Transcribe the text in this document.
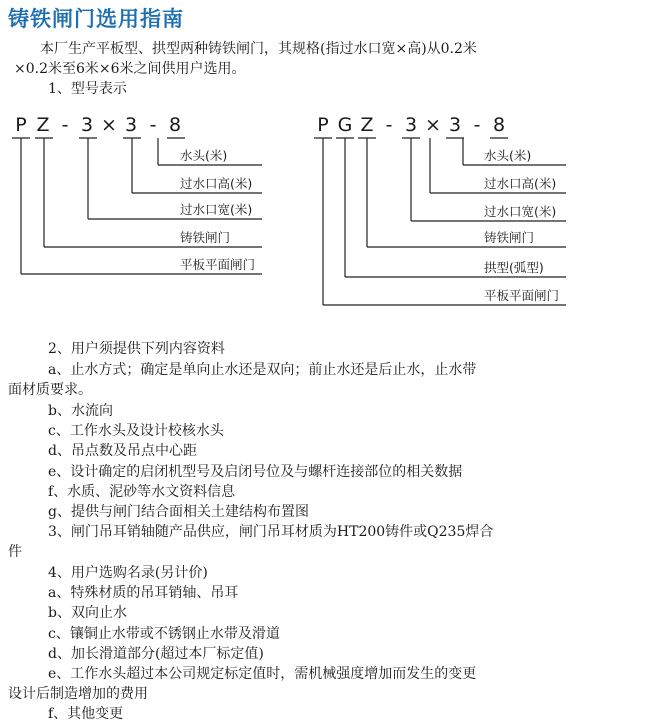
铸铁闸门选用指南
本厂生产平板型、拱型两种铸铁闸门，其规格(指过水口宽×高)从0.2米
×0.2米至6米×6米之间供用户选用。
1、型号表示
P Z - 3 × 3 - 8	P G Z - 3 × 3 - 8
水头(米)
过水口高(米)
过水口宽(米)
铸铁闸门
平板平面闸门
水头(米)
过水口高(米)
过水口宽(米)
铸铁闸门
拱型(弧型)
平板平面闸门
2、用户须提供下列内容资料
a、止水方式；确定是单向止水还是双向；前止水还是后止水，止水带
面材质要求。
b、水流向
c、工作水头及设计校核水头
d、吊点数及吊点中心距
e、设计确定的启闭机型号及启闭号位及与螺杆连接部位的相关数据
f、水质、泥砂等水文资料信息
g、提供与闸门结合面相关土建结构布置图
3、闸门吊耳销轴随产品供应，闸门吊耳材质为HT200铸件或Q235焊合
件
4、用户选购名录(另计价)
a、特殊材质的吊耳销轴、吊耳
b、双向止水
c、镶铜止水带或不锈钢止水带及滑道
d、加长滑道部分(超过本厂标定值)
e、工作水头超过本公司规定标定值时，需机械强度增加而发生的变更
设计后制造增加的费用
f、其他变更
